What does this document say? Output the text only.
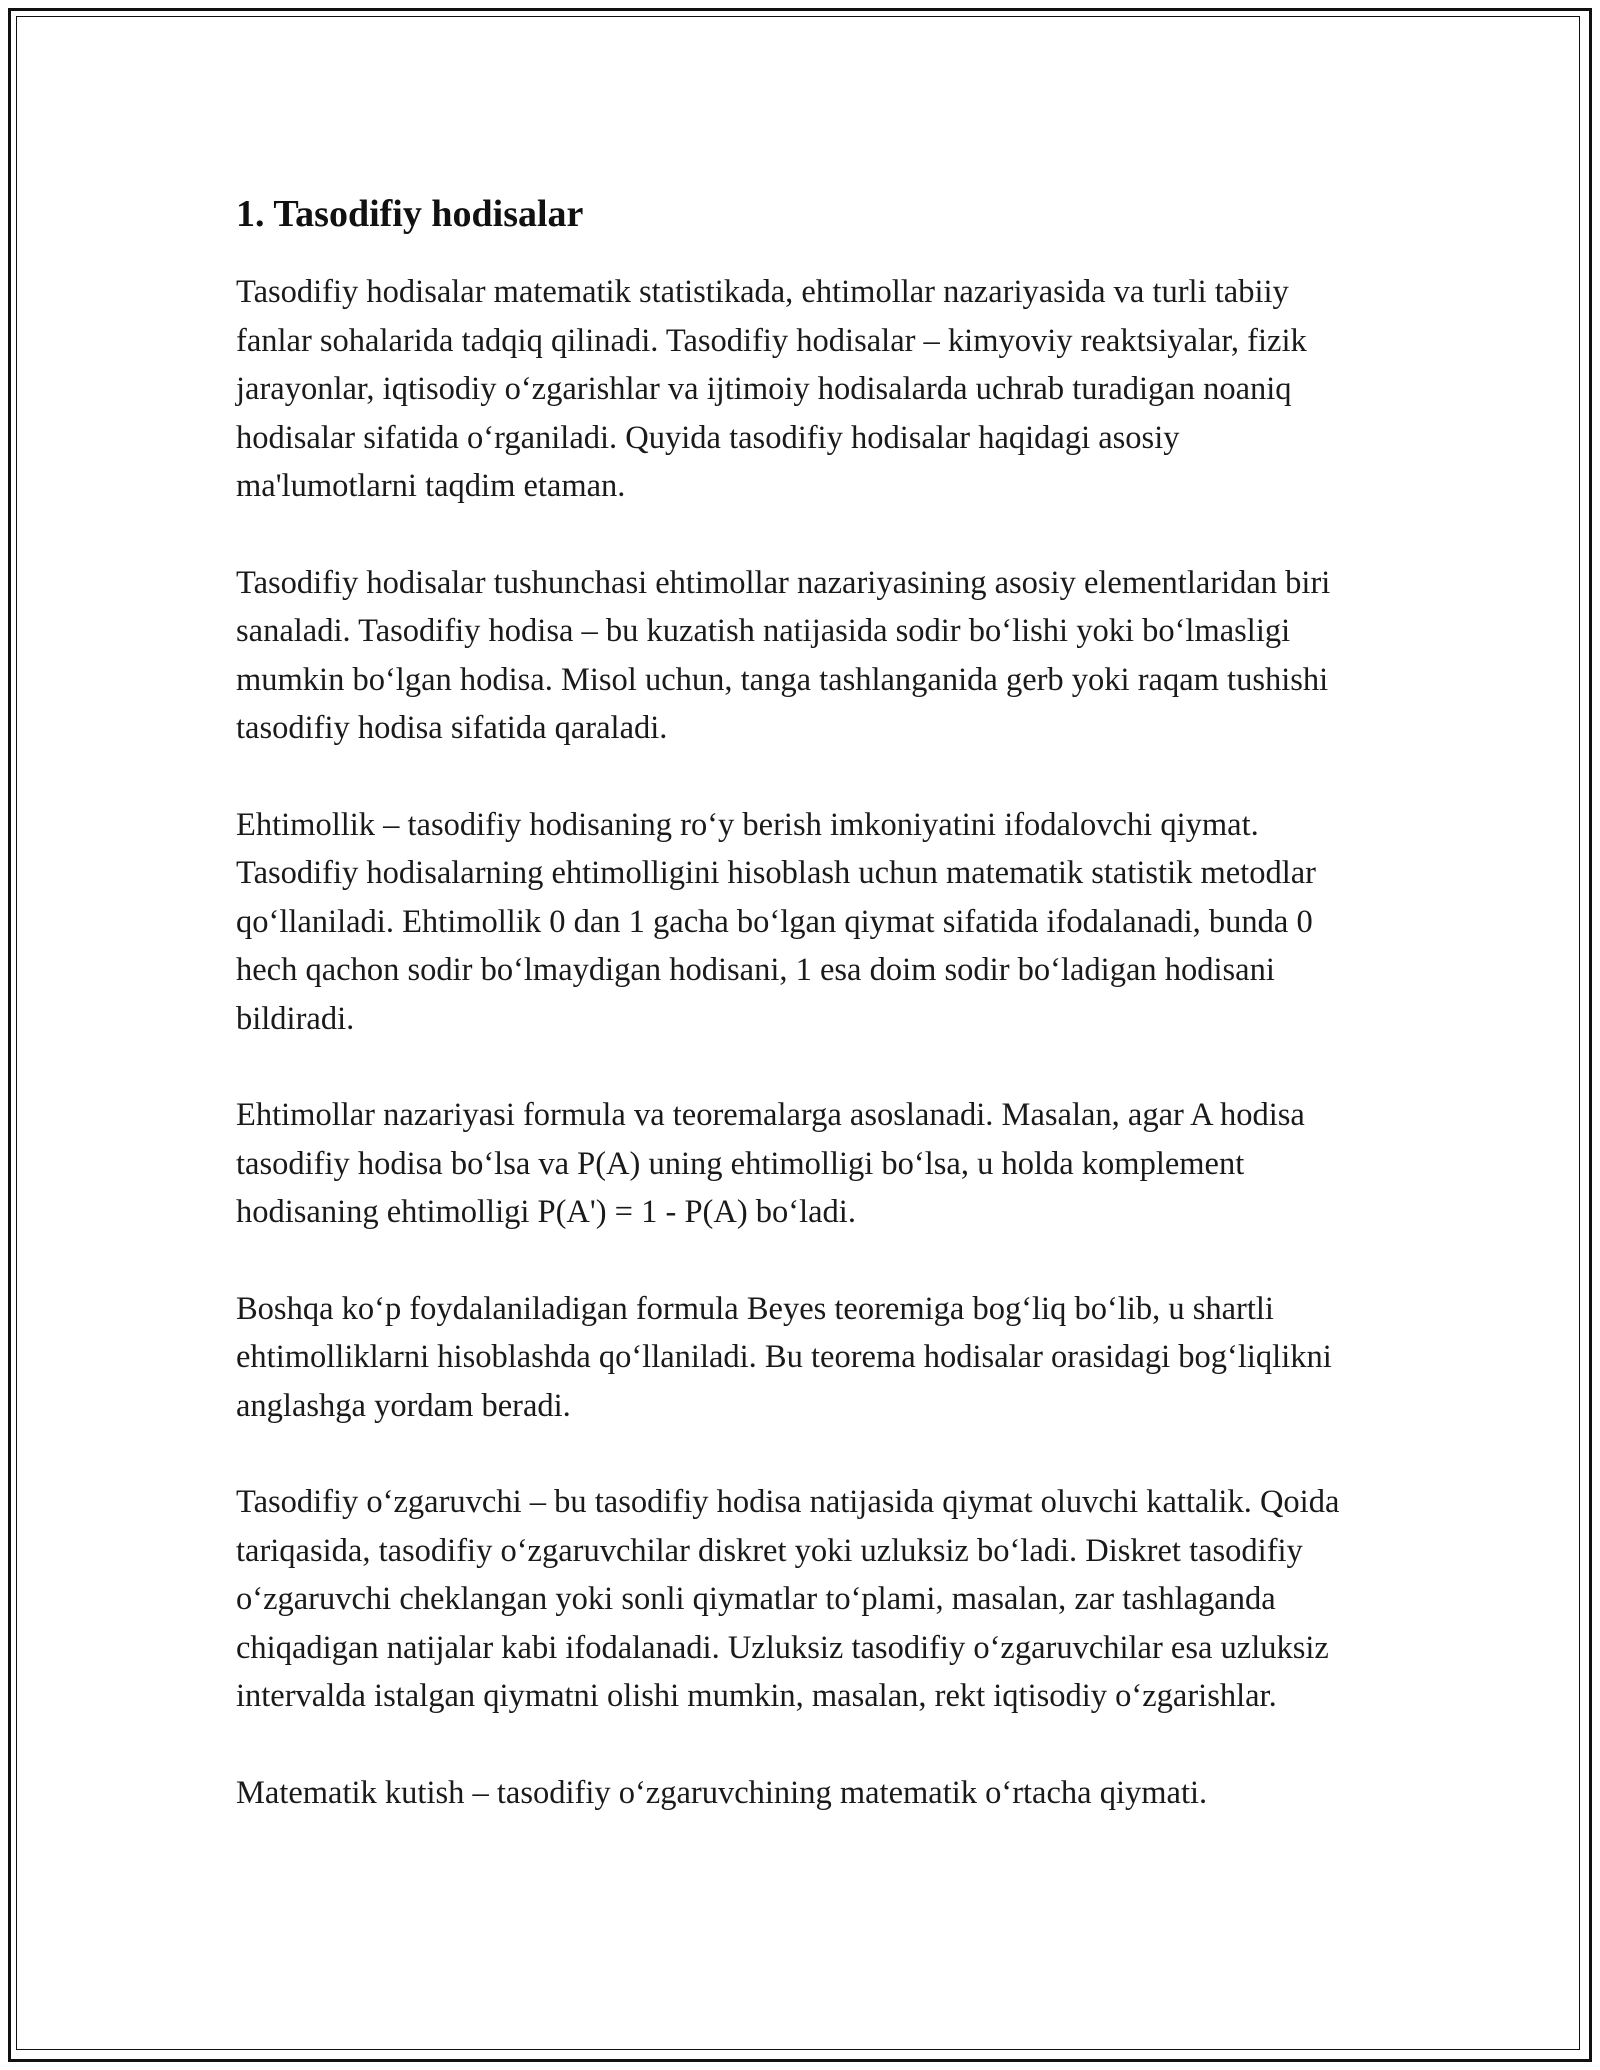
1. Tasodifiy hodisalar

Tasodifiy hodisalar matematik statistikada, ehtimollar nazariyasida va turli tabiiy fanlar sohalarida tadqiq qilinadi. Tasodifiy hodisalar – kimyoviy reaktsiyalar, fizik jarayonlar, iqtisodiy o‘zgarishlar va ijtimoiy hodisalarda uchrab turadigan noaniq hodisalar sifatida o‘rganiladi. Quyida tasodifiy hodisalar haqidagi asosiy ma'lumotlarni taqdim etaman.

Tasodifiy hodisalar tushunchasi ehtimollar nazariyasining asosiy elementlaridan biri sanaladi. Tasodifiy hodisa – bu kuzatish natijasida sodir bo‘lishi yoki bo‘lmasligi mumkin bo‘lgan hodisa. Misol uchun, tanga tashlanganida gerb yoki raqam tushishi tasodifiy hodisa sifatida qaraladi.

Ehtimollik – tasodifiy hodisaning ro‘y berish imkoniyatini ifodalovchi qiymat. Tasodifiy hodisalarning ehtimolligini hisoblash uchun matematik statistik metodlar qo‘llaniladi. Ehtimollik 0 dan 1 gacha bo‘lgan qiymat sifatida ifodalanadi, bunda 0 hech qachon sodir bo‘lmaydigan hodisani, 1 esa doim sodir bo‘ladigan hodisani bildiradi.

Ehtimollar nazariyasi formula va teoremalarga asoslanadi. Masalan, agar A hodisa tasodifiy hodisa bo‘lsa va P(A) uning ehtimolligi bo‘lsa, u holda komplement hodisaning ehtimolligi P(A') = 1 - P(A) bo‘ladi.

Boshqa ko‘p foydalaniladigan formula Beyes teoremiga bog‘liq bo‘lib, u shartli ehtimolliklarni hisoblashda qo‘llaniladi. Bu teorema hodisalar orasidagi bog‘liqlikni anglashga yordam beradi.

Tasodifiy o‘zgaruvchi – bu tasodifiy hodisa natijasida qiymat oluvchi kattalik. Qoida tariqasida, tasodifiy o‘zgaruvchilar diskret yoki uzluksiz bo‘ladi. Diskret tasodifiy o‘zgaruvchi cheklangan yoki sonli qiymatlar to‘plami, masalan, zar tashlaganda chiqadigan natijalar kabi ifodalanadi. Uzluksiz tasodifiy o‘zgaruvchilar esa uzluksiz intervalda istalgan qiymatni olishi mumkin, masalan, rekt iqtisodiy o‘zgarishlar.

Matematik kutish – tasodifiy o‘zgaruvchining matematik o‘rtacha qiymati.
